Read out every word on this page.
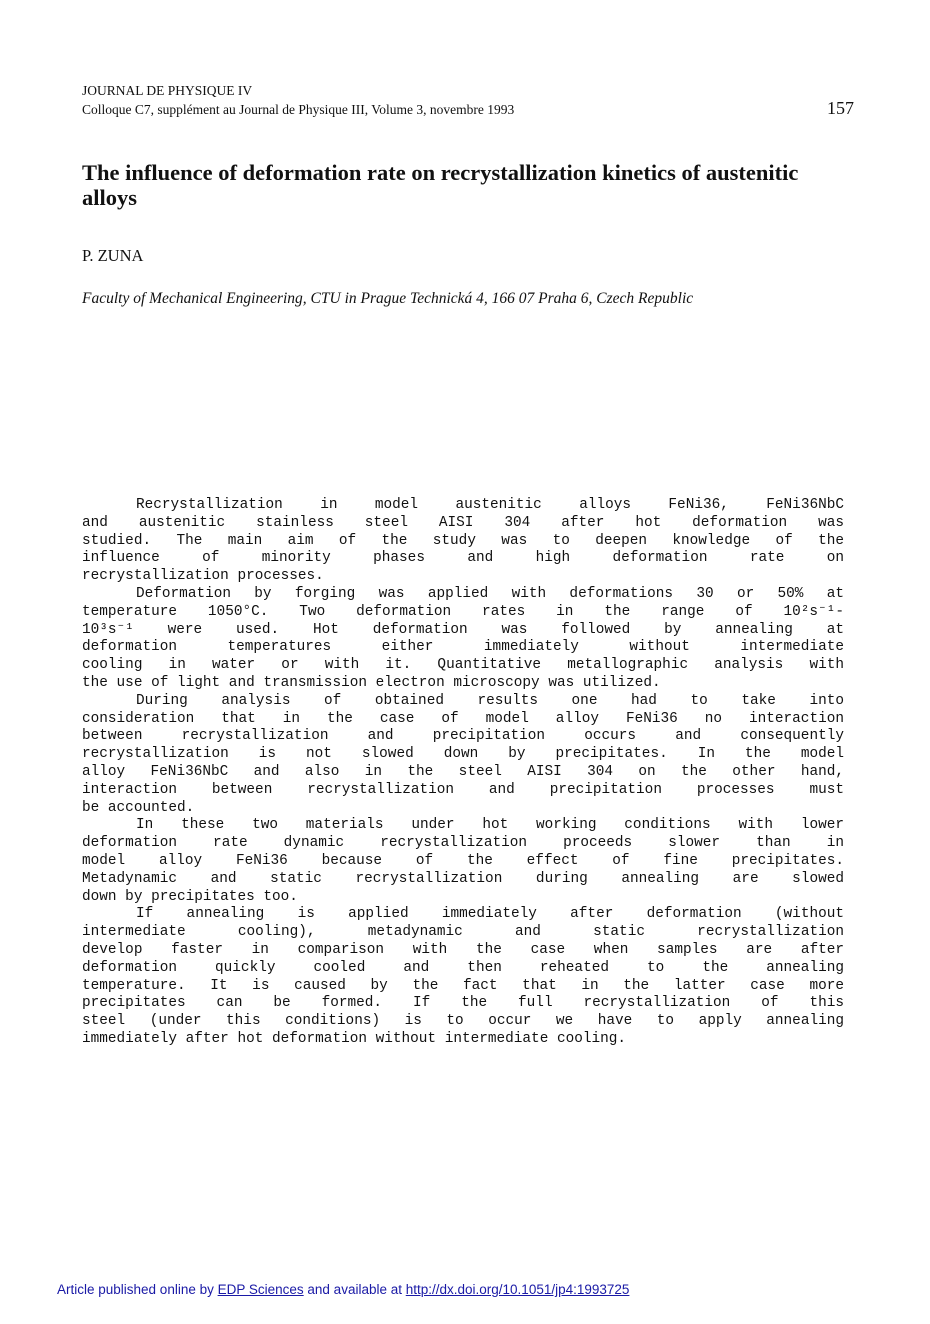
JOURNAL DE PHYSIQUE IV
Colloque C7, supplément au Journal de Physique III, Volume 3, novembre 1993	157
The influence of deformation rate on recrystallization kinetics of austenitic alloys
P. ZUNA
Faculty of Mechanical Engineering, CTU in Prague Technická 4, 166 07 Praha 6, Czech Republic
Recrystallization in model austenitic alloys FeNi36, FeNi36NbC
and austenitic stainless steel AISI 304 after hot deformation was
studied. The main aim of the study was to deepen knowledge of the
influence of minority phases and high deformation rate on
recrystallization processes.
Deformation by forging was applied with deformations 30 or 50% at
temperature 1050°C. Two deformation rates in the range of 10²s⁻¹-
10³s⁻¹ were used. Hot deformation was followed by annealing at
deformation temperatures either immediately without intermediate
cooling in water or with it. Quantitative metallographic analysis with
the use of light and transmission electron microscopy was utilized.
During analysis of obtained results one had to take into
consideration that in the case of model alloy FeNi36 no interaction
between recrystallization and precipitation occurs and consequently
recrystallization is not slowed down by precipitates. In the model
alloy FeNi36NbC and also in the steel AISI 304 on the other hand,
interaction between recrystallization and precipitation processes must
be accounted.
In these two materials under hot working conditions with lower
deformation rate dynamic recrystallization proceeds slower than in
model alloy FeNi36 because of the effect of fine precipitates.
Metadynamic and static recrystallization during annealing are slowed
down by precipitates too.
If annealing is applied immediately after deformation (without
intermediate cooling), metadynamic and static recrystallization
develop faster in comparison with the case when samples are after
deformation quickly cooled and then reheated to the annealing
temperature. It is caused by the fact that in the latter case more
precipitates can be formed. If the full recrystallization of this
steel (under this conditions) is to occur we have to apply annealing
immediately after hot deformation without intermediate cooling.
Article published online by EDP Sciences and available at http://dx.doi.org/10.1051/jp4:1993725
